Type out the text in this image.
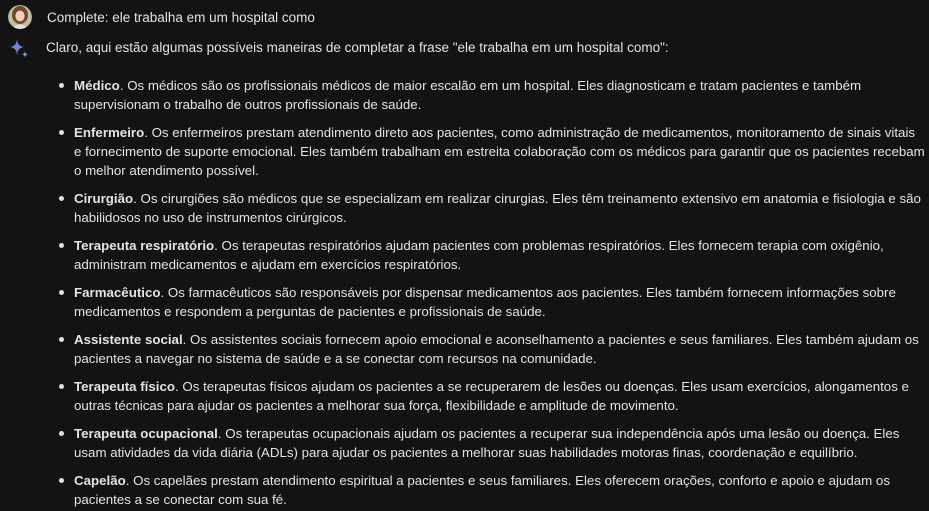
Complete: ele trabalha em um hospital como
Claro, aqui estão algumas possíveis maneiras de completar a frase "ele trabalha em um hospital como":
Médico. Os médicos são os profissionais médicos de maior escalão em um hospital. Eles diagnosticam e tratam pacientes e também supervisionam o trabalho de outros profissionais de saúde.
Enfermeiro. Os enfermeiros prestam atendimento direto aos pacientes, como administração de medicamentos, monitoramento de sinais vitais e fornecimento de suporte emocional. Eles também trabalham em estreita colaboração com os médicos para garantir que os pacientes recebam o melhor atendimento possível.
Cirurgião. Os cirurgiões são médicos que se especializam em realizar cirurgias. Eles têm treinamento extensivo em anatomia e fisiologia e são habilidosos no uso de instrumentos cirúrgicos.
Terapeuta respiratório. Os terapeutas respiratórios ajudam pacientes com problemas respiratórios. Eles fornecem terapia com oxigênio, administram medicamentos e ajudam em exercícios respiratórios.
Farmacêutico. Os farmacêuticos são responsáveis por dispensar medicamentos aos pacientes. Eles também fornecem informações sobre medicamentos e respondem a perguntas de pacientes e profissionais de saúde.
Assistente social. Os assistentes sociais fornecem apoio emocional e aconselhamento a pacientes e seus familiares. Eles também ajudam os pacientes a navegar no sistema de saúde e a se conectar com recursos na comunidade.
Terapeuta físico. Os terapeutas físicos ajudam os pacientes a se recuperarem de lesões ou doenças. Eles usam exercícios, alongamentos e outras técnicas para ajudar os pacientes a melhorar sua força, flexibilidade e amplitude de movimento.
Terapeuta ocupacional. Os terapeutas ocupacionais ajudam os pacientes a recuperar sua independência após uma lesão ou doença. Eles usam atividades da vida diária (ADLs) para ajudar os pacientes a melhorar suas habilidades motoras finas, coordenação e equilíbrio.
Capelão. Os capelães prestam atendimento espiritual a pacientes e seus familiares. Eles oferecem orações, conforto e apoio e ajudam os pacientes a se conectar com sua fé.
